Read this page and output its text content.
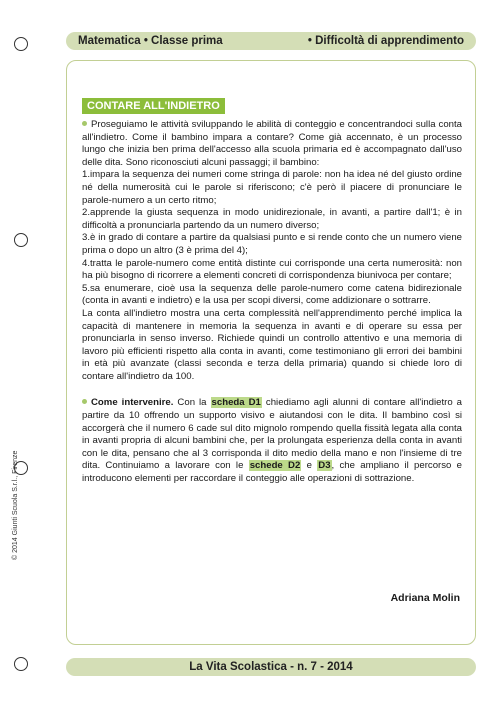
Matematica • Classe prima	• Difficoltà di apprendimento
CONTARE ALL'INDIETRO

Proseguiamo le attività sviluppando le abilità di conteggio e concentrandoci sulla conta all'indietro. Come il bambino impara a contare? Come già accennato, è un processo lungo che inizia ben prima dell'accesso alla scuola primaria ed è accompagnato dall'uso delle dita. Sono riconosciuti alcuni passaggi; il bambino:

1.impara la sequenza dei numeri come stringa di parole: non ha idea né del giusto ordine né della numerosità cui le parole si riferiscono; c'è però il piacere di pronunciare le parole-numero a un certo ritmo;

2.apprende la giusta sequenza in modo unidirezionale, in avanti, a partire dall'1; è in difficoltà a pronunciarla partendo da un numero diverso;

3.è in grado di contare a partire da qualsiasi punto e si rende conto che un numero viene prima o dopo un altro (3 è prima del 4);

4.tratta le parole-numero come entità distinte cui corrisponde una certa numerosità: non ha più bisogno di ricorrere a elementi concreti di corrispondenza biunivoca per contare;

5.sa enumerare, cioè usa la sequenza delle parole-numero come catena bidirezionale (conta in avanti e indietro) e la usa per scopi diversi, come addizionare o sottrarre.

La conta all'indietro mostra una certa complessità nell'apprendimento perché implica la capacità di mantenere in memoria la sequenza in avanti e di operare su essa per pronunciarla in senso inverso. Richiede quindi un controllo attentivo e una memoria di lavoro più efficienti rispetto alla conta in avanti, come testimoniano gli errori dei bambini in età più avanzate (classi seconda e terza della primaria) quando si chiede loro di contare all'indietro da 100.

Come intervenire. Con la scheda D1 chiediamo agli alunni di contare all'indietro a partire da 10 offrendo un supporto visivo e aiutandosi con le dita. Il bambino così si accorgerà che il numero 6 cade sul dito mignolo rompendo quella fissità legata alla conta in avanti propria di alcuni bambini che, per la prolungata esperienza della conta in avanti con le dita, pensano che al 3 corrisponda il dito medio della mano e non l'insieme di tre dita. Continuiamo a lavorare con le schede D2 e D3, che ampliano il percorso e introducono elementi per raccordare il conteggio alle operazioni di sottrazione.

Adriana Molin
© 2014 Giunti Scuola S.r.l., Firenze
La Vita Scolastica - n. 7 - 2014
